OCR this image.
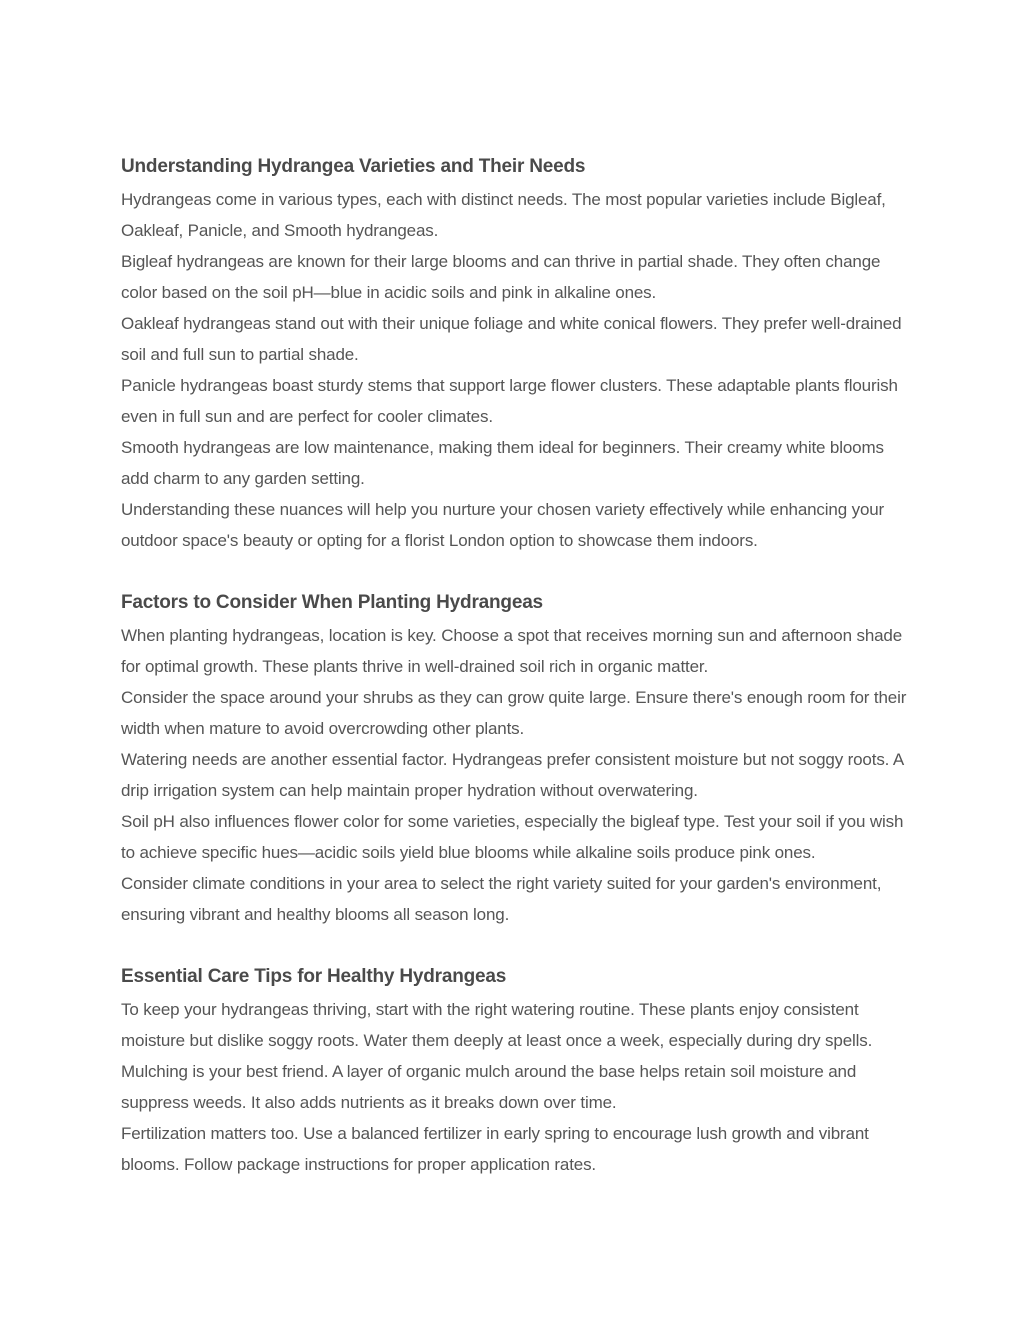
Understanding Hydrangea Varieties and Their Needs

Hydrangeas come in various types, each with distinct needs. The most popular varieties include Bigleaf, Oakleaf, Panicle, and Smooth hydrangeas.

Bigleaf hydrangeas are known for their large blooms and can thrive in partial shade. They often change color based on the soil pH—blue in acidic soils and pink in alkaline ones.

Oakleaf hydrangeas stand out with their unique foliage and white conical flowers. They prefer well-drained soil and full sun to partial shade.

Panicle hydrangeas boast sturdy stems that support large flower clusters. These adaptable plants flourish even in full sun and are perfect for cooler climates.

Smooth hydrangeas are low maintenance, making them ideal for beginners. Their creamy white blooms add charm to any garden setting.

Understanding these nuances will help you nurture your chosen variety effectively while enhancing your outdoor space's beauty or opting for a florist London option to showcase them indoors.

Factors to Consider When Planting Hydrangeas

When planting hydrangeas, location is key. Choose a spot that receives morning sun and afternoon shade for optimal growth. These plants thrive in well-drained soil rich in organic matter.

Consider the space around your shrubs as they can grow quite large. Ensure there's enough room for their width when mature to avoid overcrowding other plants.

Watering needs are another essential factor. Hydrangeas prefer consistent moisture but not soggy roots. A drip irrigation system can help maintain proper hydration without overwatering.

Soil pH also influences flower color for some varieties, especially the bigleaf type. Test your soil if you wish to achieve specific hues—acidic soils yield blue blooms while alkaline soils produce pink ones.

Consider climate conditions in your area to select the right variety suited for your garden's environment, ensuring vibrant and healthy blooms all season long.

Essential Care Tips for Healthy Hydrangeas

To keep your hydrangeas thriving, start with the right watering routine. These plants enjoy consistent moisture but dislike soggy roots. Water them deeply at least once a week, especially during dry spells.

Mulching is your best friend. A layer of organic mulch around the base helps retain soil moisture and suppress weeds. It also adds nutrients as it breaks down over time.

Fertilization matters too. Use a balanced fertilizer in early spring to encourage lush growth and vibrant blooms. Follow package instructions for proper application rates.
